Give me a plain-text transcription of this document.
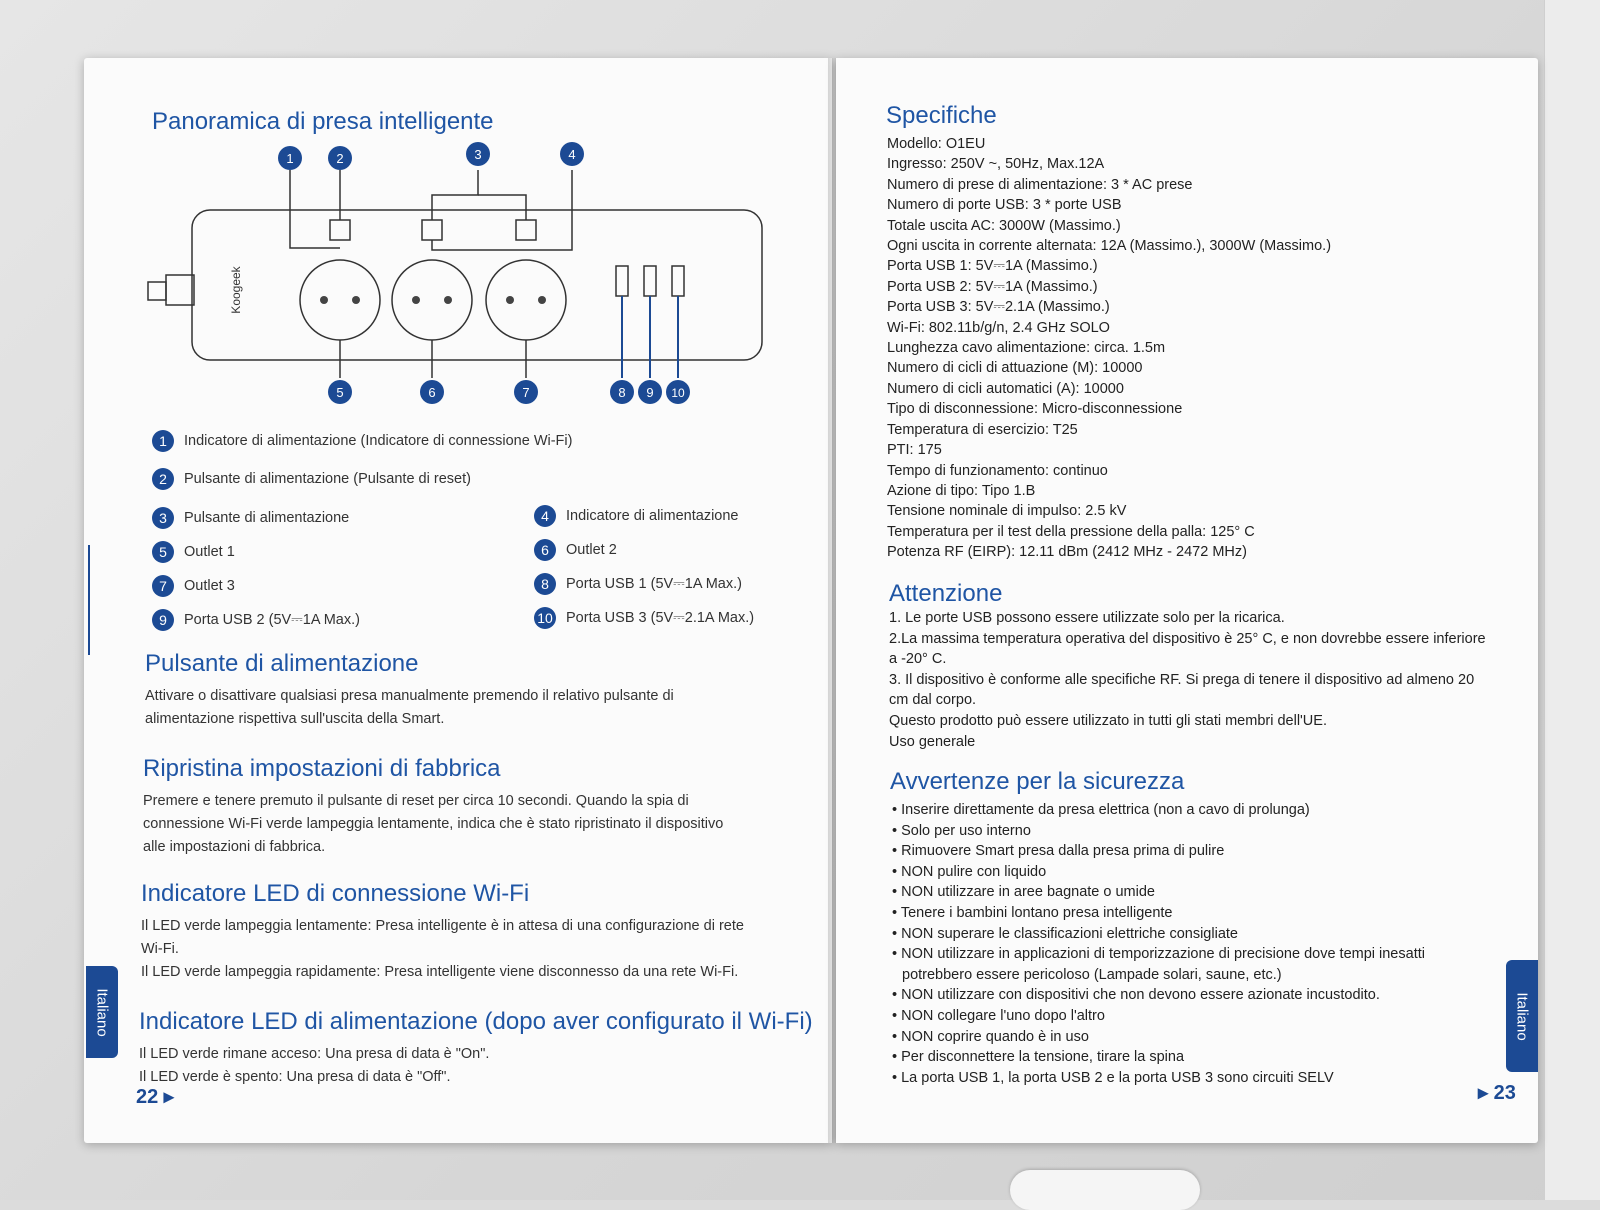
Panoramica di presa intelligente
Koogeek
1	2	3	4
5	6	7	8 9 10
1	Indicatore di alimentazione (Indicatore di connessione Wi-Fi)
2	Pulsante di alimentazione (Pulsante di reset)
3	Pulsante di alimentazione	4	Indicatore di alimentazione
5	Outlet 1	6	Outlet 2
7	Outlet 3	8	Porta USB 1 (5V⎓1A Max.)
9	Porta USB 2 (5V⎓1A Max.)	10 Porta USB 3 (5V⎓2.1A Max.)
Pulsante di alimentazione
Attivare o disattivare qualsiasi presa manualmente premendo il relativo pulsante di
alimentazione rispettiva sull'uscita della Smart.
Ripristina impostazioni di fabbrica
Premere e tenere premuto il pulsante di reset per circa 10 secondi. Quando la spia di
connessione Wi-Fi verde lampeggia lentamente, indica che è stato ripristinato il dispositivo
alle impostazioni di fabbrica.
Indicatore LED di connessione Wi-Fi
Il LED verde lampeggia lentamente: Presa intelligente è in attesa di una configurazione di rete
Wi-Fi.
Il LED verde lampeggia rapidamente: Presa intelligente viene disconnesso da una rete Wi-Fi.
Indicatore LED di alimentazione (dopo aver configurato il Wi-Fi)
Il LED verde rimane acceso: Una presa di data è "On".
Il LED verde è spento: Una presa di data è "Off".
Italiano
22 ▸
Specifiche
Modello: O1EU
Ingresso: 250V ~, 50Hz, Max.12A
Numero di prese di alimentazione: 3 * AC prese
Numero di porte USB: 3 * porte USB
Totale uscita AC: 3000W (Massimo.)
Ogni uscita in corrente alternata: 12A (Massimo.), 3000W (Massimo.)
Porta USB 1: 5V⎓1A (Massimo.)
Porta USB 2: 5V⎓1A (Massimo.)
Porta USB 3: 5V⎓2.1A (Massimo.)
Wi-Fi: 802.11b/g/n, 2.4 GHz SOLO
Lunghezza cavo alimentazione: circa. 1.5m
Numero di cicli di attuazione (M): 10000
Numero di cicli automatici (A): 10000
Tipo di disconnessione: Micro-disconnessione
Temperatura di esercizio: T25
PTI: 175
Tempo di funzionamento: continuo
Azione di tipo: Tipo 1.B
Tensione nominale di impulso: 2.5 kV
Temperatura per il test della pressione della palla: 125° C
Potenza RF (EIRP): 12.11 dBm (2412 MHz - 2472 MHz)
Attenzione
1. Le porte USB possono essere utilizzate solo per la ricarica.
2.La massima temperatura operativa del dispositivo è 25° C, e non dovrebbe essere inferiore
a -20° C.
3. Il dispositivo è conforme alle specifiche RF. Si prega di tenere il dispositivo ad almeno 20
cm dal corpo.
Questo prodotto può essere utilizzato in tutti gli stati membri dell'UE.
Uso generale
Avvertenze per la sicurezza
• Inserire direttamente da presa elettrica (non a cavo di prolunga)
• Solo per uso interno
• Rimuovere Smart presa dalla presa prima di pulire
• NON pulire con liquido
• NON utilizzare in aree bagnate o umide
• Tenere i bambini lontano presa intelligente
• NON superare le classificazioni elettriche consigliate
• NON utilizzare in applicazioni di temporizzazione di precisione dove tempi inesatti
potrebbero essere pericoloso (Lampade solari, saune, etc.)
• NON utilizzare con dispositivi che non devono essere azionate incustodito.
• NON collegare l'uno dopo l'altro
• NON coprire quando è in uso
• Per disconnettere la tensione, tirare la spina
• La porta USB 1, la porta USB 2 e la porta USB 3 sono circuiti SELV
Italiano
▸ 23
